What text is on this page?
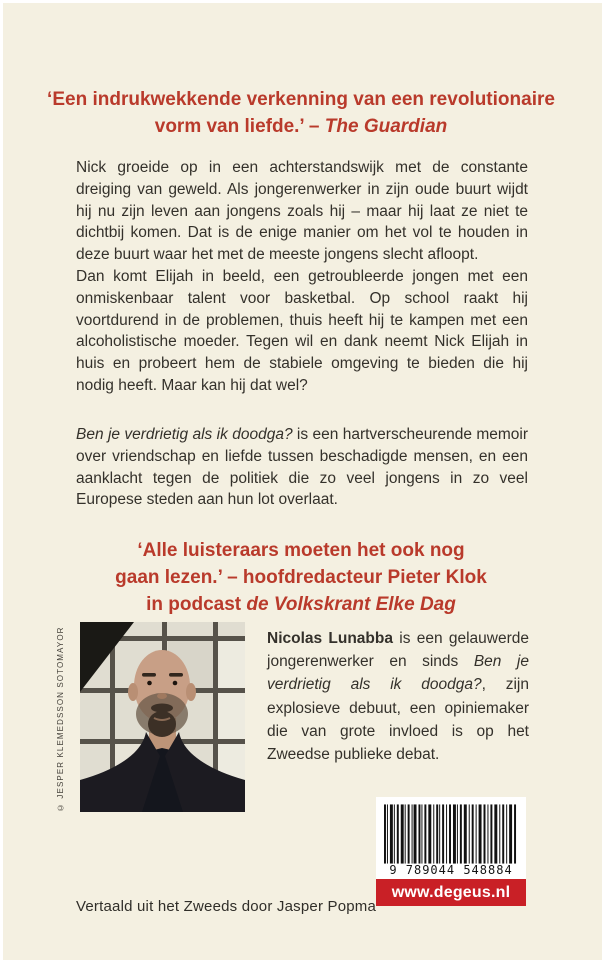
‘Een indrukwekkende verkenning van een revolutionaire
vorm van liefde.’ – The Guardian

Nick groeide op in een achterstandswijk met de constante dreiging van geweld. Als jongerenwerker in zijn oude buurt wijdt hij nu zijn leven aan jongens zoals hij – maar hij laat ze niet te dichtbij komen. Dat is de enige manier om het vol te houden in deze buurt waar het met de meeste jongens slecht afloopt.

Dan komt Elijah in beeld, een getroubleerde jongen met een onmiskenbaar talent voor basketbal. Op school raakt hij voortdurend in de problemen, thuis heeft hij te kampen met een alcoholistische moeder. Tegen wil en dank neemt Nick Elijah in huis en probeert hem de stabiele omgeving te bieden die hij nodig heeft. Maar kan hij dat wel?

Ben je verdrietig als ik doodga? is een hartverscheurende memoir over vriendschap en liefde tussen beschadigde mensen, en een aanklacht tegen de politiek die zo veel jongens in zo veel Europese steden aan hun lot overlaat.

‘Alle luisteraars moeten het ook nog
gaan lezen.’ – hoofdredacteur Pieter Klok
in podcast de Volkskrant Elke Dag
© JESPER KLEMEDSSON SOTOMAYOR	Nicolas Lunabba is een gelauwerde jongerenwerker en sinds Ben je verdrietig als ik doodga?, zijn explosieve debuut, een opiniemaker die van grote invloed is op het Zweedse publieke debat.

9 789044 548884
www.degeus.nl
Vertaald uit het Zweeds door Jasper Popma
